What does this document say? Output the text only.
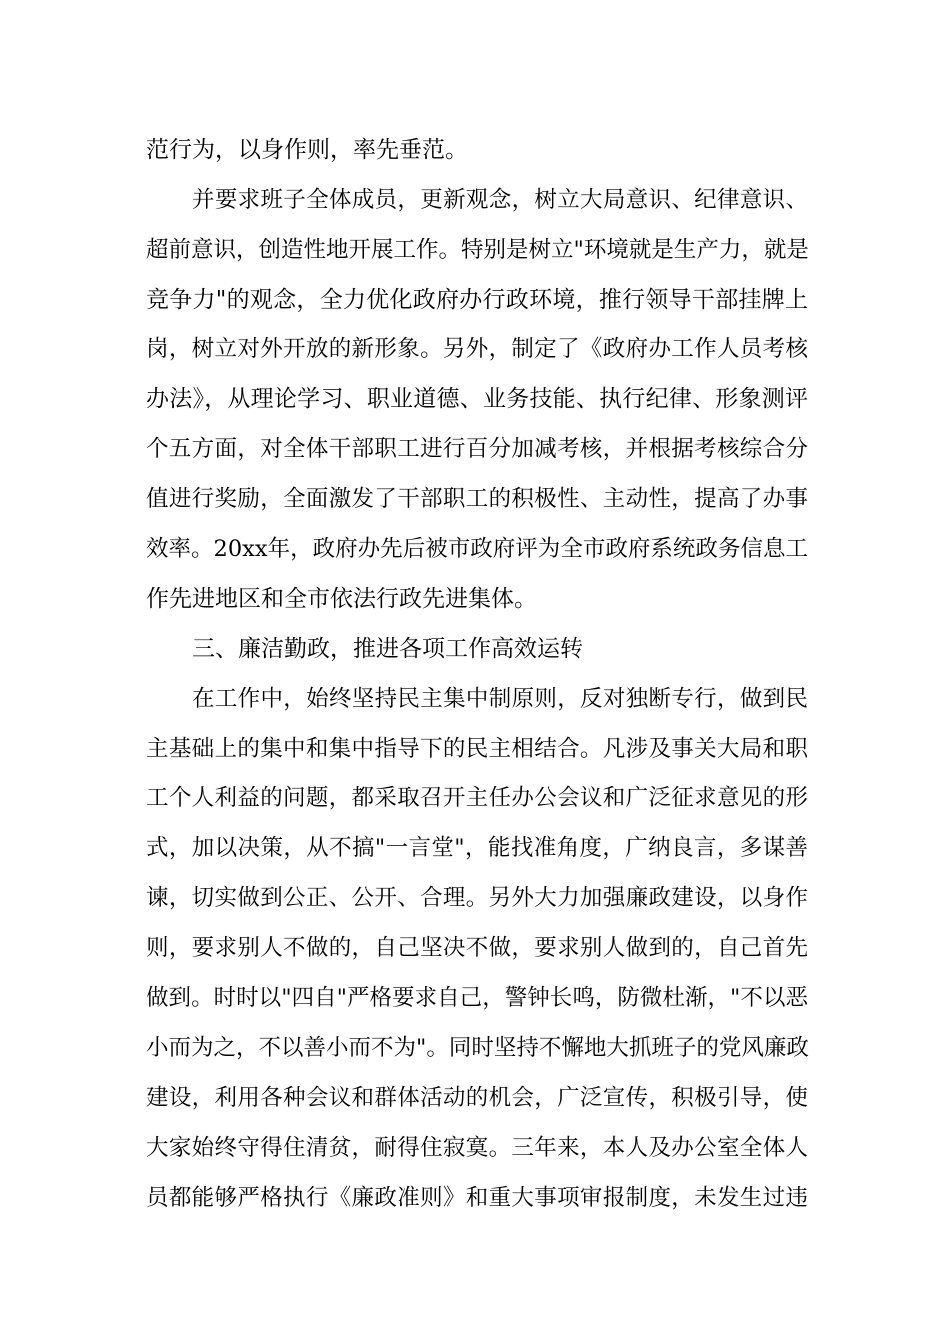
范行为，以身作则，率先垂范。
并要求班子全体成员，更新观念，树立大局意识、纪律意识、
超前意识，创造性地开展工作。特别是树立"环境就是生产力，就是
竞争力"的观念，全力优化政府办行政环境，推行领导干部挂牌上
岗，树立对外开放的新形象。另外，制定了《政府办工作人员考核
办法》，从理论学习、职业道德、业务技能、执行纪律、形象测评
个五方面，对全体干部职工进行百分加减考核，并根据考核综合分
值进行奖励，全面激发了干部职工的积极性、主动性，提高了办事
效率。20xx年，政府办先后被市政府评为全市政府系统政务信息工
作先进地区和全市依法行政先进集体。
三、廉洁勤政，推进各项工作高效运转
在工作中，始终坚持民主集中制原则，反对独断专行，做到民
主基础上的集中和集中指导下的民主相结合。凡涉及事关大局和职
工个人利益的问题，都采取召开主任办公会议和广泛征求意见的形
式，加以决策，从不搞"一言堂"，能找准角度，广纳良言，多谋善
谏，切实做到公正、公开、合理。另外大力加强廉政建设，以身作
则，要求别人不做的，自己坚决不做，要求别人做到的，自己首先
做到。时时以"四自"严格要求自己，警钟长鸣，防微杜渐，"不以恶
小而为之，不以善小而不为"。同时坚持不懈地大抓班子的党风廉政
建设，利用各种会议和群体活动的机会，广泛宣传，积极引导，使
大家始终守得住清贫，耐得住寂寞。三年来，本人及办公室全体人
员都能够严格执行《廉政准则》和重大事项审报制度，未发生过违
